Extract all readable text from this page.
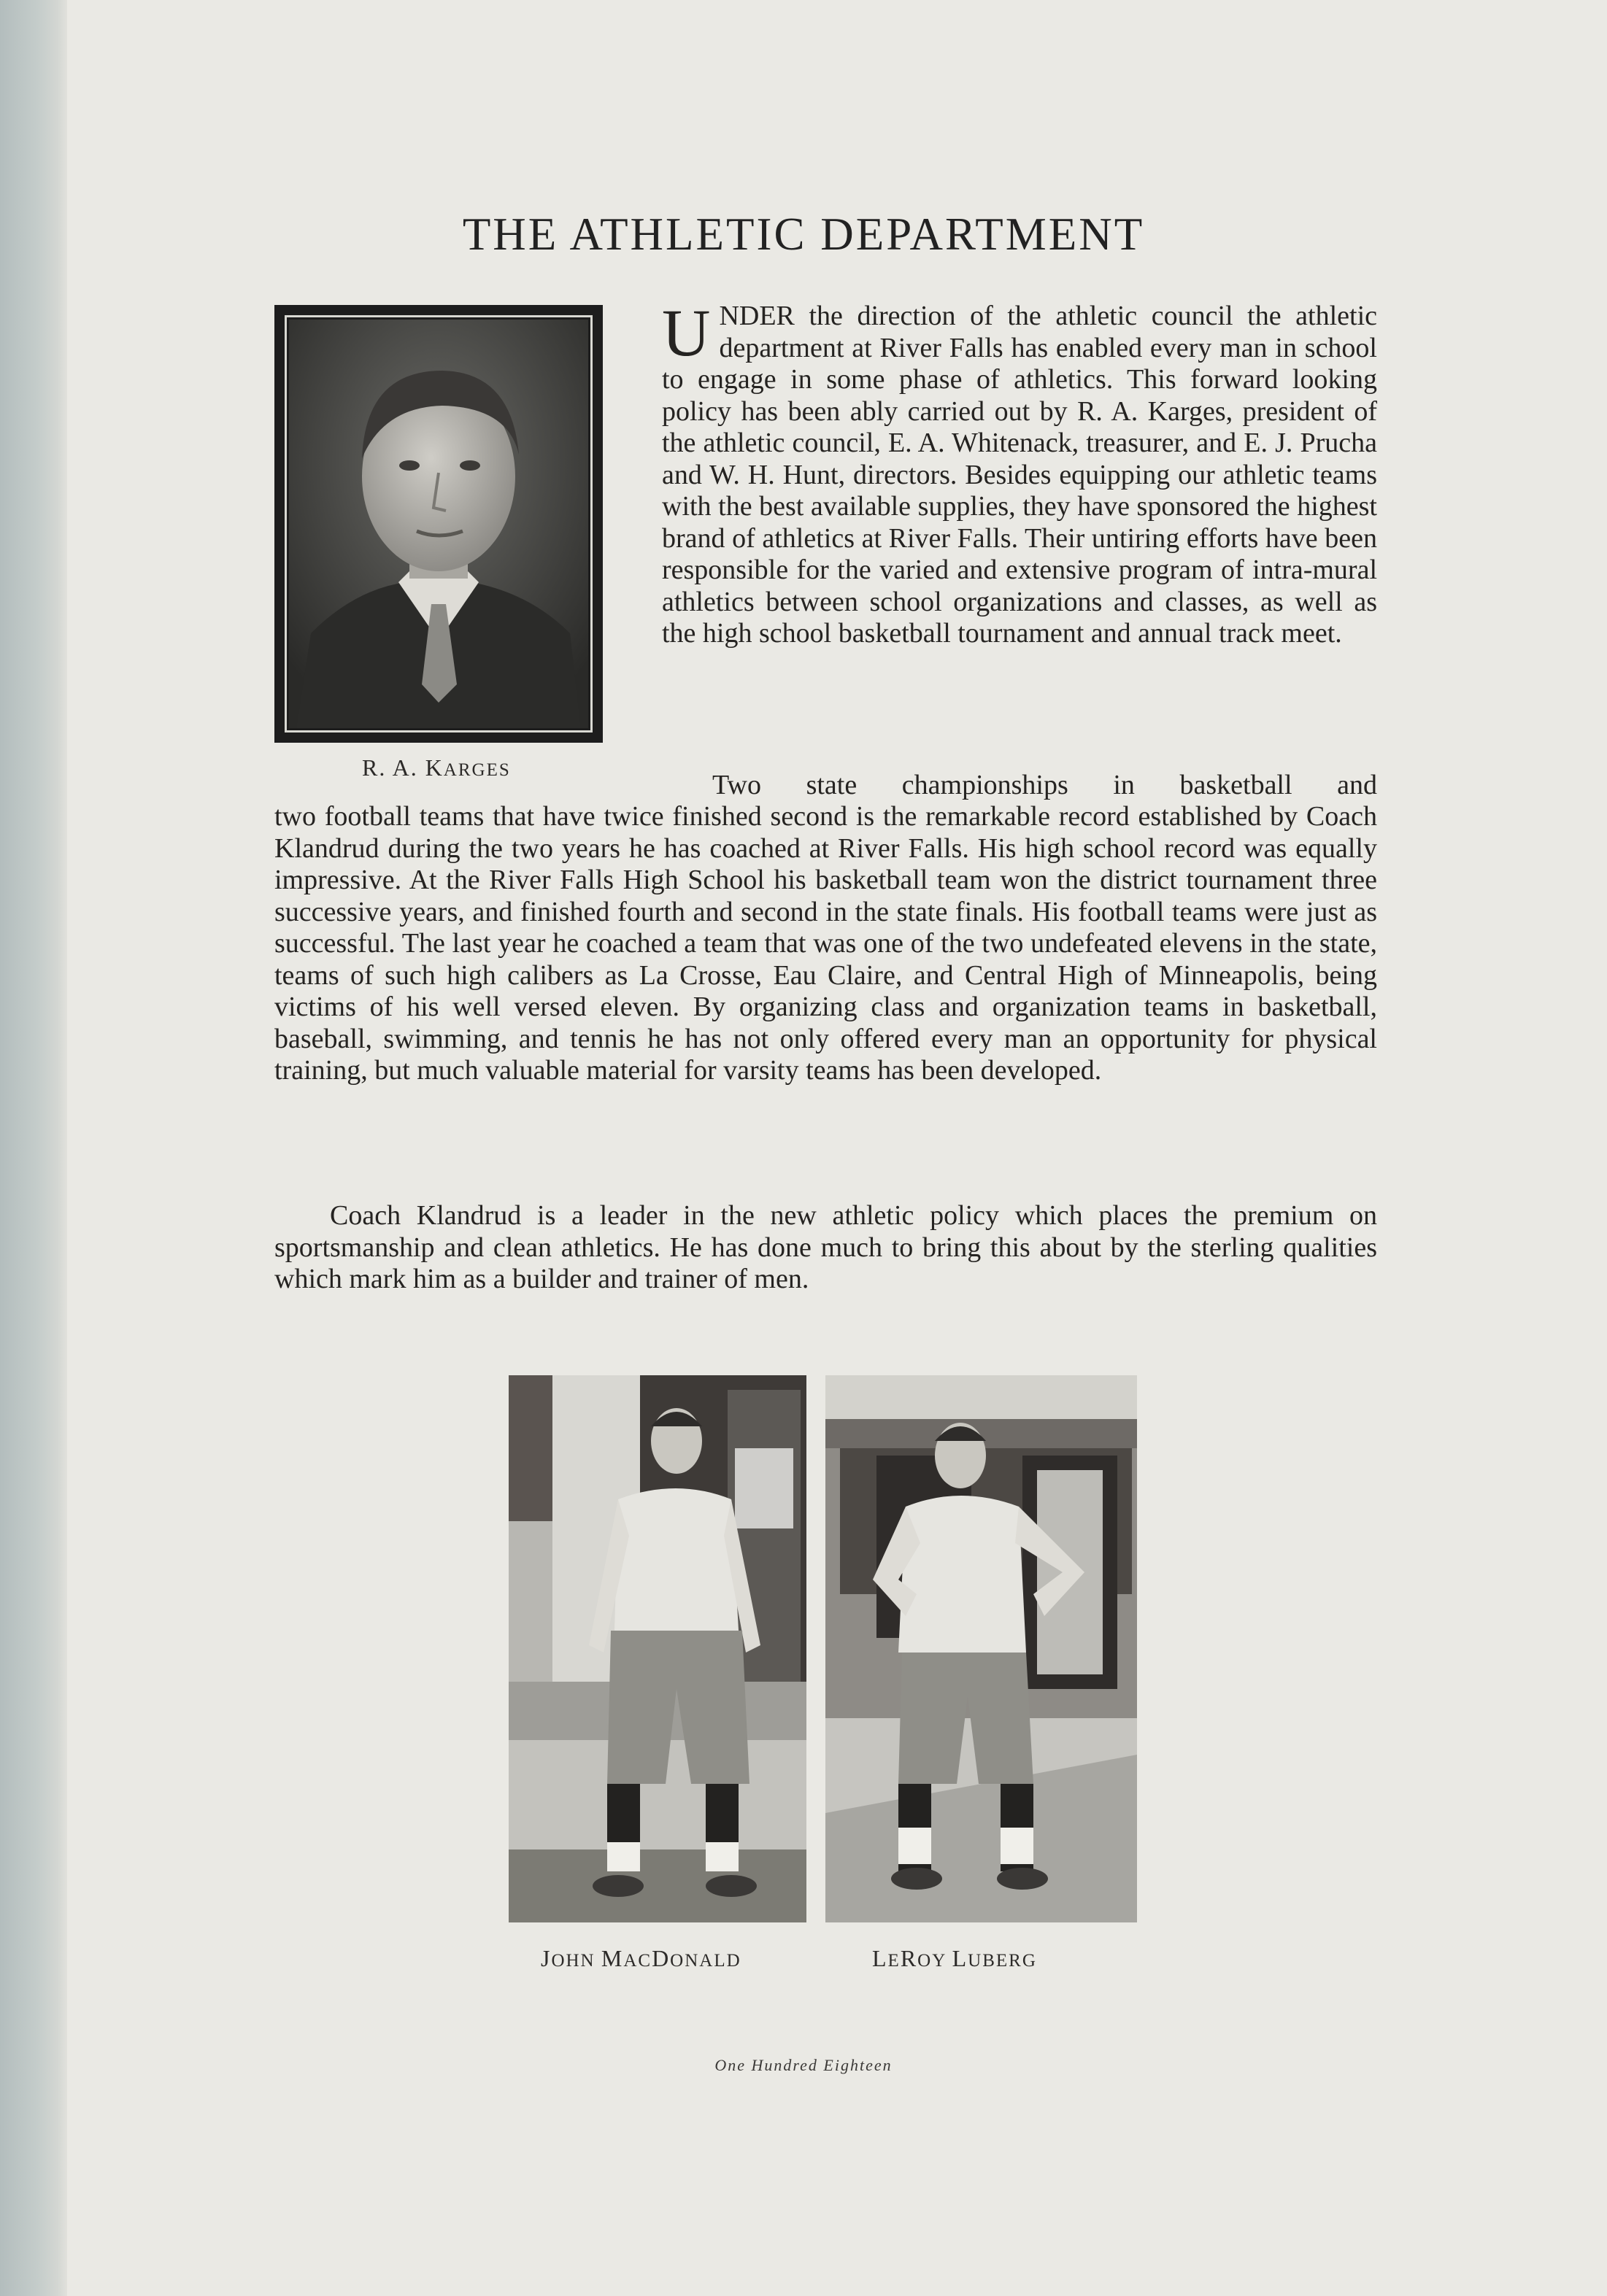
THE ATHLETIC DEPARTMENT
R. A. KARGES
UNDER the direction of the athletic council the athletic department at River Falls has enabled every man in school to engage in some phase of athletics. This forward looking policy has been ably carried out by R. A. Karges, president of the athletic council, E. A. Whitenack, treasurer, and E. J. Prucha and W. H. Hunt, directors. Besides equipping our athletic teams with the best available supplies, they have sponsored the highest brand of athletics at River Falls. Their untiring efforts have been responsible for the varied and extensive program of intra-mural athletics between school organizations and classes, as well as the high school basketball tournament and annual track meet.
Two state championships in basketball and
two football teams that have twice finished second is the remarkable record established by Coach Klandrud during the two years he has coached at River Falls. His high school record was equally impressive. At the River Falls High School his basketball team won the district tournament three successive years, and finished fourth and second in the state finals. His football teams were just as successful. The last year he coached a team that was one of the two undefeated elevens in the state, teams of such high calibers as La Crosse, Eau Claire, and Central High of Minneapolis, being victims of his well versed eleven. By organizing class and organization teams in basketball, baseball, swimming, and tennis he has not only offered every man an opportunity for physical training, but much valuable material for varsity teams has been developed.
Coach Klandrud is a leader in the new athletic policy which places the premium on sportsmanship and clean athletics. He has done much to bring this about by the sterling qualities which mark him as a builder and trainer of men.
JOHN MACDONALD	LEROY LUBERG
One Hundred Eighteen
